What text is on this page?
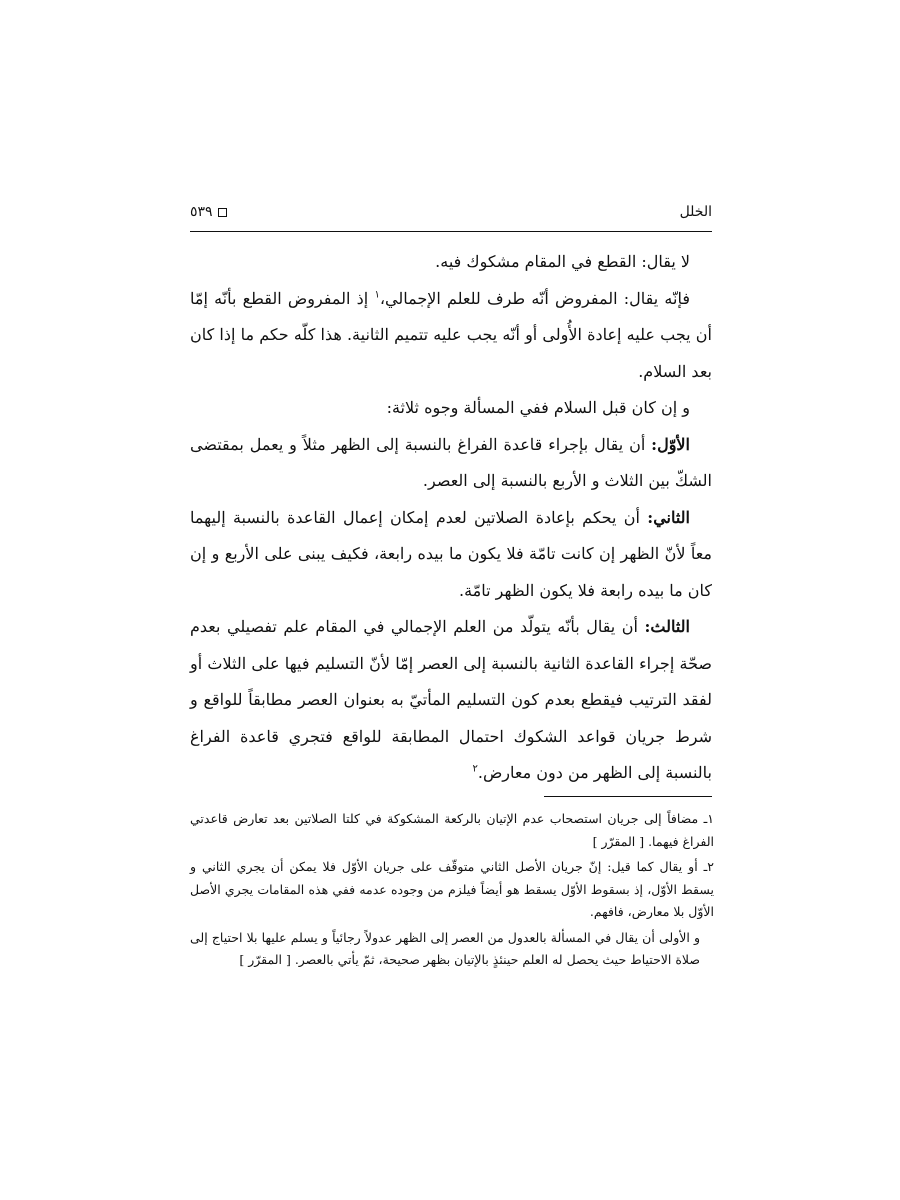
الخلل
٥٣٩

لا يقال: القطع في المقام مشكوك فيه.

فإنّه يقال: المفروض أنّه طرف للعلم الإجمالي،$^١$ إذ المفروض القطع بأنّه إمّا أن يجب عليه إعادة الأُولى أو أنّه يجب عليه تتميم الثانية. هذا كلّه حكم ما إذا كان بعد السلام.

و إن كان قبل السلام ففي المسألة وجوه ثلاثة:

الأوّل: أن يقال بإجراء قاعدة الفراغ بالنسبة إلى الظهر مثلاً و يعمل بمقتضى الشكّ بين الثلاث و الأربع بالنسبة إلى العصر.

الثاني: أن يحكم بإعادة الصلاتين لعدم إمكان إعمال القاعدة بالنسبة إليهما معاً لأنّ الظهر إن كانت تامّة فلا يكون ما بيده رابعة، فكيف يبنى على الأربع و إن كان ما بيده رابعة فلا يكون الظهر تامّة.

الثالث: أن يقال بأنّه يتولّد من العلم الإجمالي في المقام علم تفصيلي بعدم صحّة إجراء القاعدة الثانية بالنسبة إلى العصر إمّا لأنّ التسليم فيها على الثلاث أو لفقد الترتيب فيقطع بعدم كون التسليم المأتيّ به بعنوان العصر مطابقاً للواقع و شرط جريان قواعد الشكوك احتمال المطابقة للواقع فتجري قاعدة الفراغ بالنسبة إلى الظهر من دون معارض.$^٢$

١ـ مضافاً إلى جريان استصحاب عدم الإتيان بالركعة المشكوكة في كلتا الصلاتين بعد تعارض قاعدتي الفراغ فيهما. [ المقرّر ]

٢ـ أو يقال كما قيل: إنّ جريان الأصل الثاني متوقّف على جريان الأوّل فلا يمكن أن يجري الثاني و يسقط الأوّل، إذ بسقوط الأوّل يسقط هو أيضاً فيلزم من وجوده عدمه ففي هذه المقامات يجري الأصل الأوّل بلا معارض، فافهم.

و الأولى أن يقال في المسألة بالعدول من العصر إلى الظهر عدولاً رجائياً و يسلم عليها بلا احتياج إلى صلاة الاحتياط حيث يحصل له العلم حينئذٍ بالإتيان بظهر صحيحة، ثمّ يأتي بالعصر. [ المقرّر ]
